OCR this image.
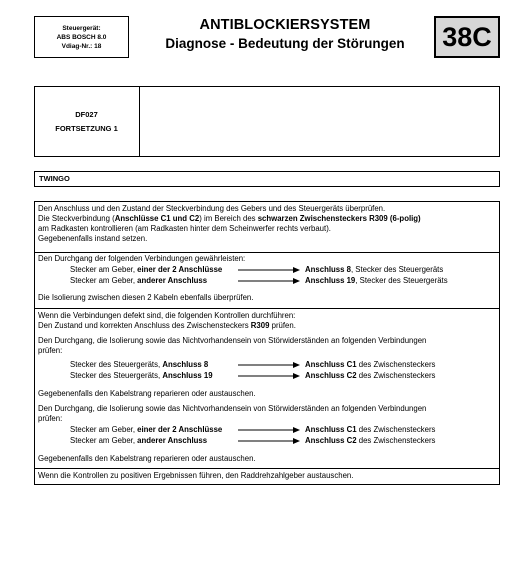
Steuergerät:
ABS BOSCH 8.0
Vdiag-Nr.: 18
ANTIBLOCKIERSYSTEM
Diagnose - Bedeutung der Störungen	38C
DF027
FORTSETZUNG 1
TWINGO
Den Anschluss und den Zustand der Steckverbindung des Gebers und des Steuergeräts überprüfen.
Die Steckverbindung (Anschlüsse C1 und C2) im Bereich des schwarzen Zwischensteckers R309 (6-polig)
am Radkasten kontrollieren (am Radkasten hinter dem Scheinwerfer rechts verbaut).
Gegebenenfalls instand setzen.
Den Durchgang der folgenden Verbindungen gewährleisten:
Stecker am Geber, einer der 2 Anschlüsse	Anschluss 8, Stecker des Steuergeräts
Stecker am Geber, anderer Anschluss	Anschluss 19, Stecker des Steuergeräts
Die Isolierung zwischen diesen 2 Kabeln ebenfalls überprüfen.
Wenn die Verbindungen defekt sind, die folgenden Kontrollen durchführen:
Den Zustand und korrekten Anschluss des Zwischensteckers R309 prüfen.
Den Durchgang, die Isolierung sowie das Nichtvorhandensein von Störwiderständen an folgenden Verbindungen
prüfen:
Stecker des Steuergeräts, Anschluss 8	Anschluss C1 des Zwischensteckers
Stecker des Steuergeräts, Anschluss 19	Anschluss C2 des Zwischensteckers
Gegebenenfalls den Kabelstrang reparieren oder austauschen.
Den Durchgang, die Isolierung sowie das Nichtvorhandensein von Störwiderständen an folgenden Verbindungen
prüfen:
Stecker am Geber, einer der 2 Anschlüsse	Anschluss C1 des Zwischensteckers
Stecker am Geber, anderer Anschluss	Anschluss C2 des Zwischensteckers
Gegebenenfalls den Kabelstrang reparieren oder austauschen.
Wenn die Kontrollen zu positiven Ergebnissen führen, den Raddrehzahlgeber austauschen.
